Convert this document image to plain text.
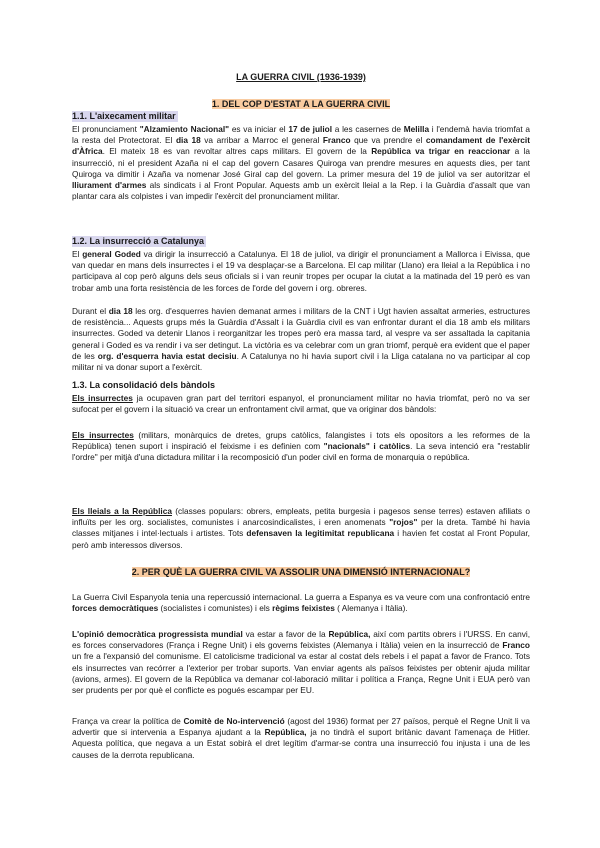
LA GUERRA CIVIL (1936-1939)
1. DEL COP D'ESTAT A LA GUERRA CIVIL
1.1. L'aixecament militar

El pronunciament "Alzamiento Nacional" es va iniciar el 17 de juliol a les casernes de Melilla i l'endemà havia triomfat a la resta del Protectorat. El dia 18 va arribar a Marroc el general Franco que va prendre el comandament de l'exèrcit d'Àfrica. El mateix 18 es van revoltar altres caps militars. El govern de la República va trigar en reaccionar a la insurrecció, ni el president Azaña ni el cap del govern Casares Quiroga van prendre mesures en aquests dies, per tant Quiroga va dimitir i Azaña va nomenar José Giral cap del govern. La primer mesura del 19 de juliol va ser autoritzar el lliurament d'armes als sindicats i al Front Popular. Aquests amb un exèrcit lleial a la Rep. i la Guàrdia d'assalt que van plantar cara als colpistes i van impedir l'exèrcit del pronunciament militar.

1.2. La insurrecció a Catalunya

El general Goded va dirigir la insurrecció a Catalunya. El 18 de juliol, va dirigir el pronunciament a Mallorca i Eivissa, que van quedar en mans dels insurrectes i el 19 va desplaçar-se a Barcelona. El cap militar (Llano) era lleial a la República i no participava al cop però alguns dels seus oficials si i van reunir tropes per ocupar la ciutat a la matinada del 19 però es van trobar amb una forta resistència de les forces de l'orde del govern i org. obreres.

Durant el dia 18 les org. d'esquerres havien demanat armes i militars de la CNT i Ugt havien assaltat armeries, estructures de resistència... Aquests grups més la Guàrdia d'Assalt i la Guàrdia civil es van enfrontar durant el dia 18 amb els militars insurrectes. Goded va detenir Llanos i reorganitzar les tropes però era massa tard, al vespre va ser assaltada la capitania general i Goded es va rendir i va ser detingut. La victòria es va celebrar com un gran triomf, perquè era evident que el paper de les org. d'esquerra havia estat decisiu. A Catalunya no hi havia suport civil i la Lliga catalana no va participar al cop militar ni va donar suport a l'exèrcit.

1.3. La consolidació dels bàndols

Els insurrectes ja ocupaven gran part del territori espanyol, el pronunciament militar no havia triomfat, però no va ser sufocat per el govern i la situació va crear un enfrontament civil armat, que va originar dos bàndols:

Els insurrectes (militars, monàrquics de dretes, grups catòlics, falangistes i tots els opositors a les reformes de la República) tenen suport i inspiració el feixisme i es definien com "nacionals" i catòlics. La seva intenció era "restablir l'ordre" per mitjà d'una dictadura militar i la recomposició d'un poder civil en forma de monarquia o república.

Els lleials a la República (classes populars: obrers, empleats, petita burgesia i pagesos sense terres) estaven afiliats o influïts per les org. socialistes, comunistes i anarcosindicalistes, i eren anomenats "rojos" per la dreta. També hi havia classes mitjanes i intel·lectuals i artistes. Tots defensaven la legitimitat republicana i havien fet costat al Front Popular, però amb interessos diversos.

2. PER QUÈ LA GUERRA CIVIL VA ASSOLIR UNA DIMENSIÓ INTERNACIONAL?

La Guerra Civil Espanyola tenia una repercussió internacional. La guerra a Espanya es va veure com una confrontació entre forces democràtiques (socialistes i comunistes) i els règims feixistes ( Alemanya i Itàlia).

L'opinió democràtica progressista mundial va estar a favor de la República, així com partits obrers i l'URSS. En canvi, es forces conservadores (França i Regne Unit) i els governs feixistes (Alemanya i Itàlia) veien en la insurrecció de Franco un fre a l'expansió del comunisme. El catolicisme tradicional va estar al costat dels rebels i el papat a favor de Franco. Tots els insurrectes van recórrer a l'exterior per trobar suports. Van enviar agents als països feixistes per obtenir ajuda militar (avions, armes). El govern de la República va demanar col·laboració militar i política a França, Regne Unit i EUA però van ser prudents per por què el conflicte es pogués escampar per EU.

França va crear la política de Comitè de No-intervenció (agost del 1936) format per 27 països, perquè el Regne Unit li va advertir que si intervenia a Espanya ajudant a la República, ja no tindrà el suport britànic davant l'amenaça de Hitler. Aquesta política, que negava a un Estat sobirà el dret legítim d'armar-se contra una insurrecció fou injusta i una de les causes de la derrota republicana.
